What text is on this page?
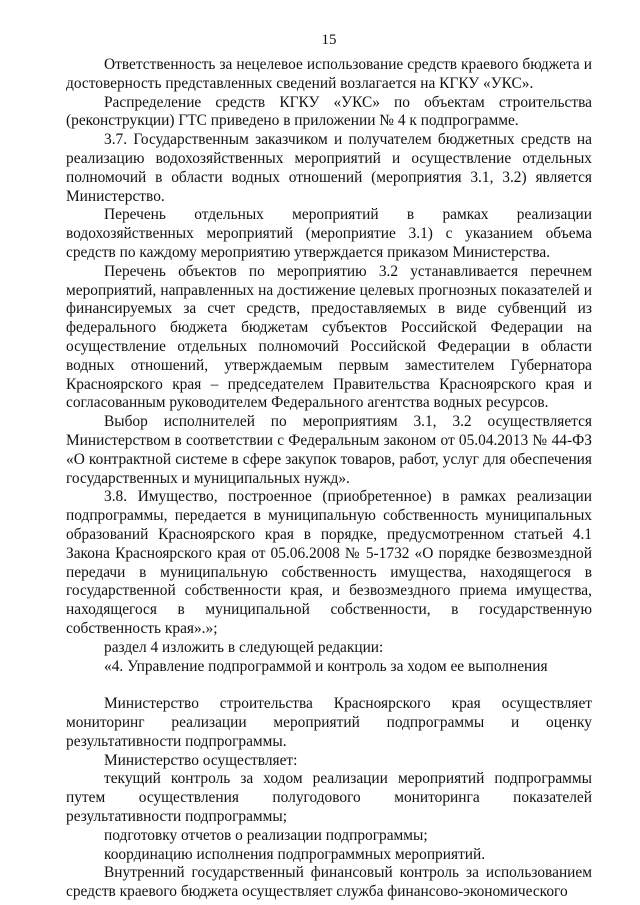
15

Ответственность за нецелевое использование средств краевого бюджета и достоверность представленных сведений возлагается на КГКУ «УКС».

Распределение средств КГКУ «УКС» по объектам строительства (реконструкции) ГТС приведено в приложении № 4 к подпрограмме.

3.7. Государственным заказчиком и получателем бюджетных средств на реализацию водохозяйственных мероприятий и осуществление отдельных полномочий в области водных отношений (мероприятия 3.1, 3.2) является Министерство.

Перечень отдельных мероприятий в рамках реализации водохозяйственных мероприятий (мероприятие 3.1) с указанием объема средств по каждому мероприятию утверждается приказом Министерства.

Перечень объектов по мероприятию 3.2 устанавливается перечнем мероприятий, направленных на достижение целевых прогнозных показателей и финансируемых за счет средств, предоставляемых в виде субвенций из федерального бюджета бюджетам субъектов Российской Федерации на осуществление отдельных полномочий Российской Федерации в области водных отношений, утверждаемым первым заместителем Губернатора Красноярского края – председателем Правительства Красноярского края и согласованным руководителем Федерального агентства водных ресурсов.

Выбор исполнителей по мероприятиям 3.1, 3.2 осуществляется Министерством в соответствии с Федеральным законом от 05.04.2013 № 44-ФЗ «О контрактной системе в сфере закупок товаров, работ, услуг для обеспечения государственных и муниципальных нужд».

3.8. Имущество, построенное (приобретенное) в рамках реализации подпрограммы, передается в муниципальную собственность муниципальных образований Красноярского края в порядке, предусмотренном статьей 4.1 Закона Красноярского края от 05.06.2008 № 5-1732 «О порядке безвозмездной передачи в муниципальную собственность имущества, находящегося в государственной собственности края, и безвозмездного приема имущества, находящегося в муниципальной собственности, в государственную собственность края».»;

раздел 4 изложить в следующей редакции:

«4. Управление подпрограммой и контроль за ходом ее выполнения

Министерство строительства Красноярского края осуществляет мониторинг реализации мероприятий подпрограммы и оценку результативности подпрограммы.

Министерство осуществляет:

текущий контроль за ходом реализации мероприятий подпрограммы путем осуществления полугодового мониторинга показателей результативности подпрограммы;

подготовку отчетов о реализации подпрограммы;

координацию исполнения подпрограммных мероприятий.

Внутренний государственный финансовый контроль за использованием средств краевого бюджета осуществляет служба финансово-экономического
